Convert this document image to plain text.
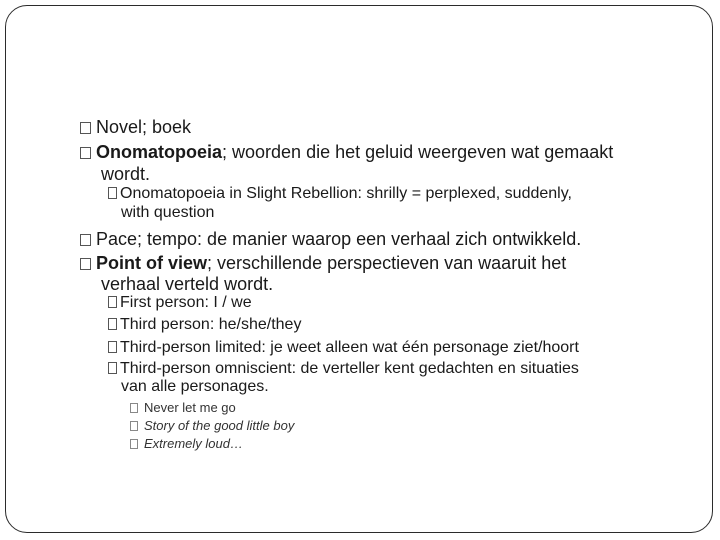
Novel; boek
Onomatopoeia; woorden die het geluid weergeven wat gemaakt
wordt.
Onomatopoeia in Slight Rebellion: shrilly = perplexed, suddenly,
with question
Pace; tempo: de manier waarop een verhaal zich ontwikkeld.
Point of view; verschillende perspectieven van waaruit het
verhaal verteld wordt.
First person: I / we
Third person: he/she/they
Third-person limited: je weet alleen wat één personage ziet/hoort
Third-person omniscient: de verteller kent gedachten en situaties
van alle personages.
Never let me go
Story of the good little boy
Extremely loud…
